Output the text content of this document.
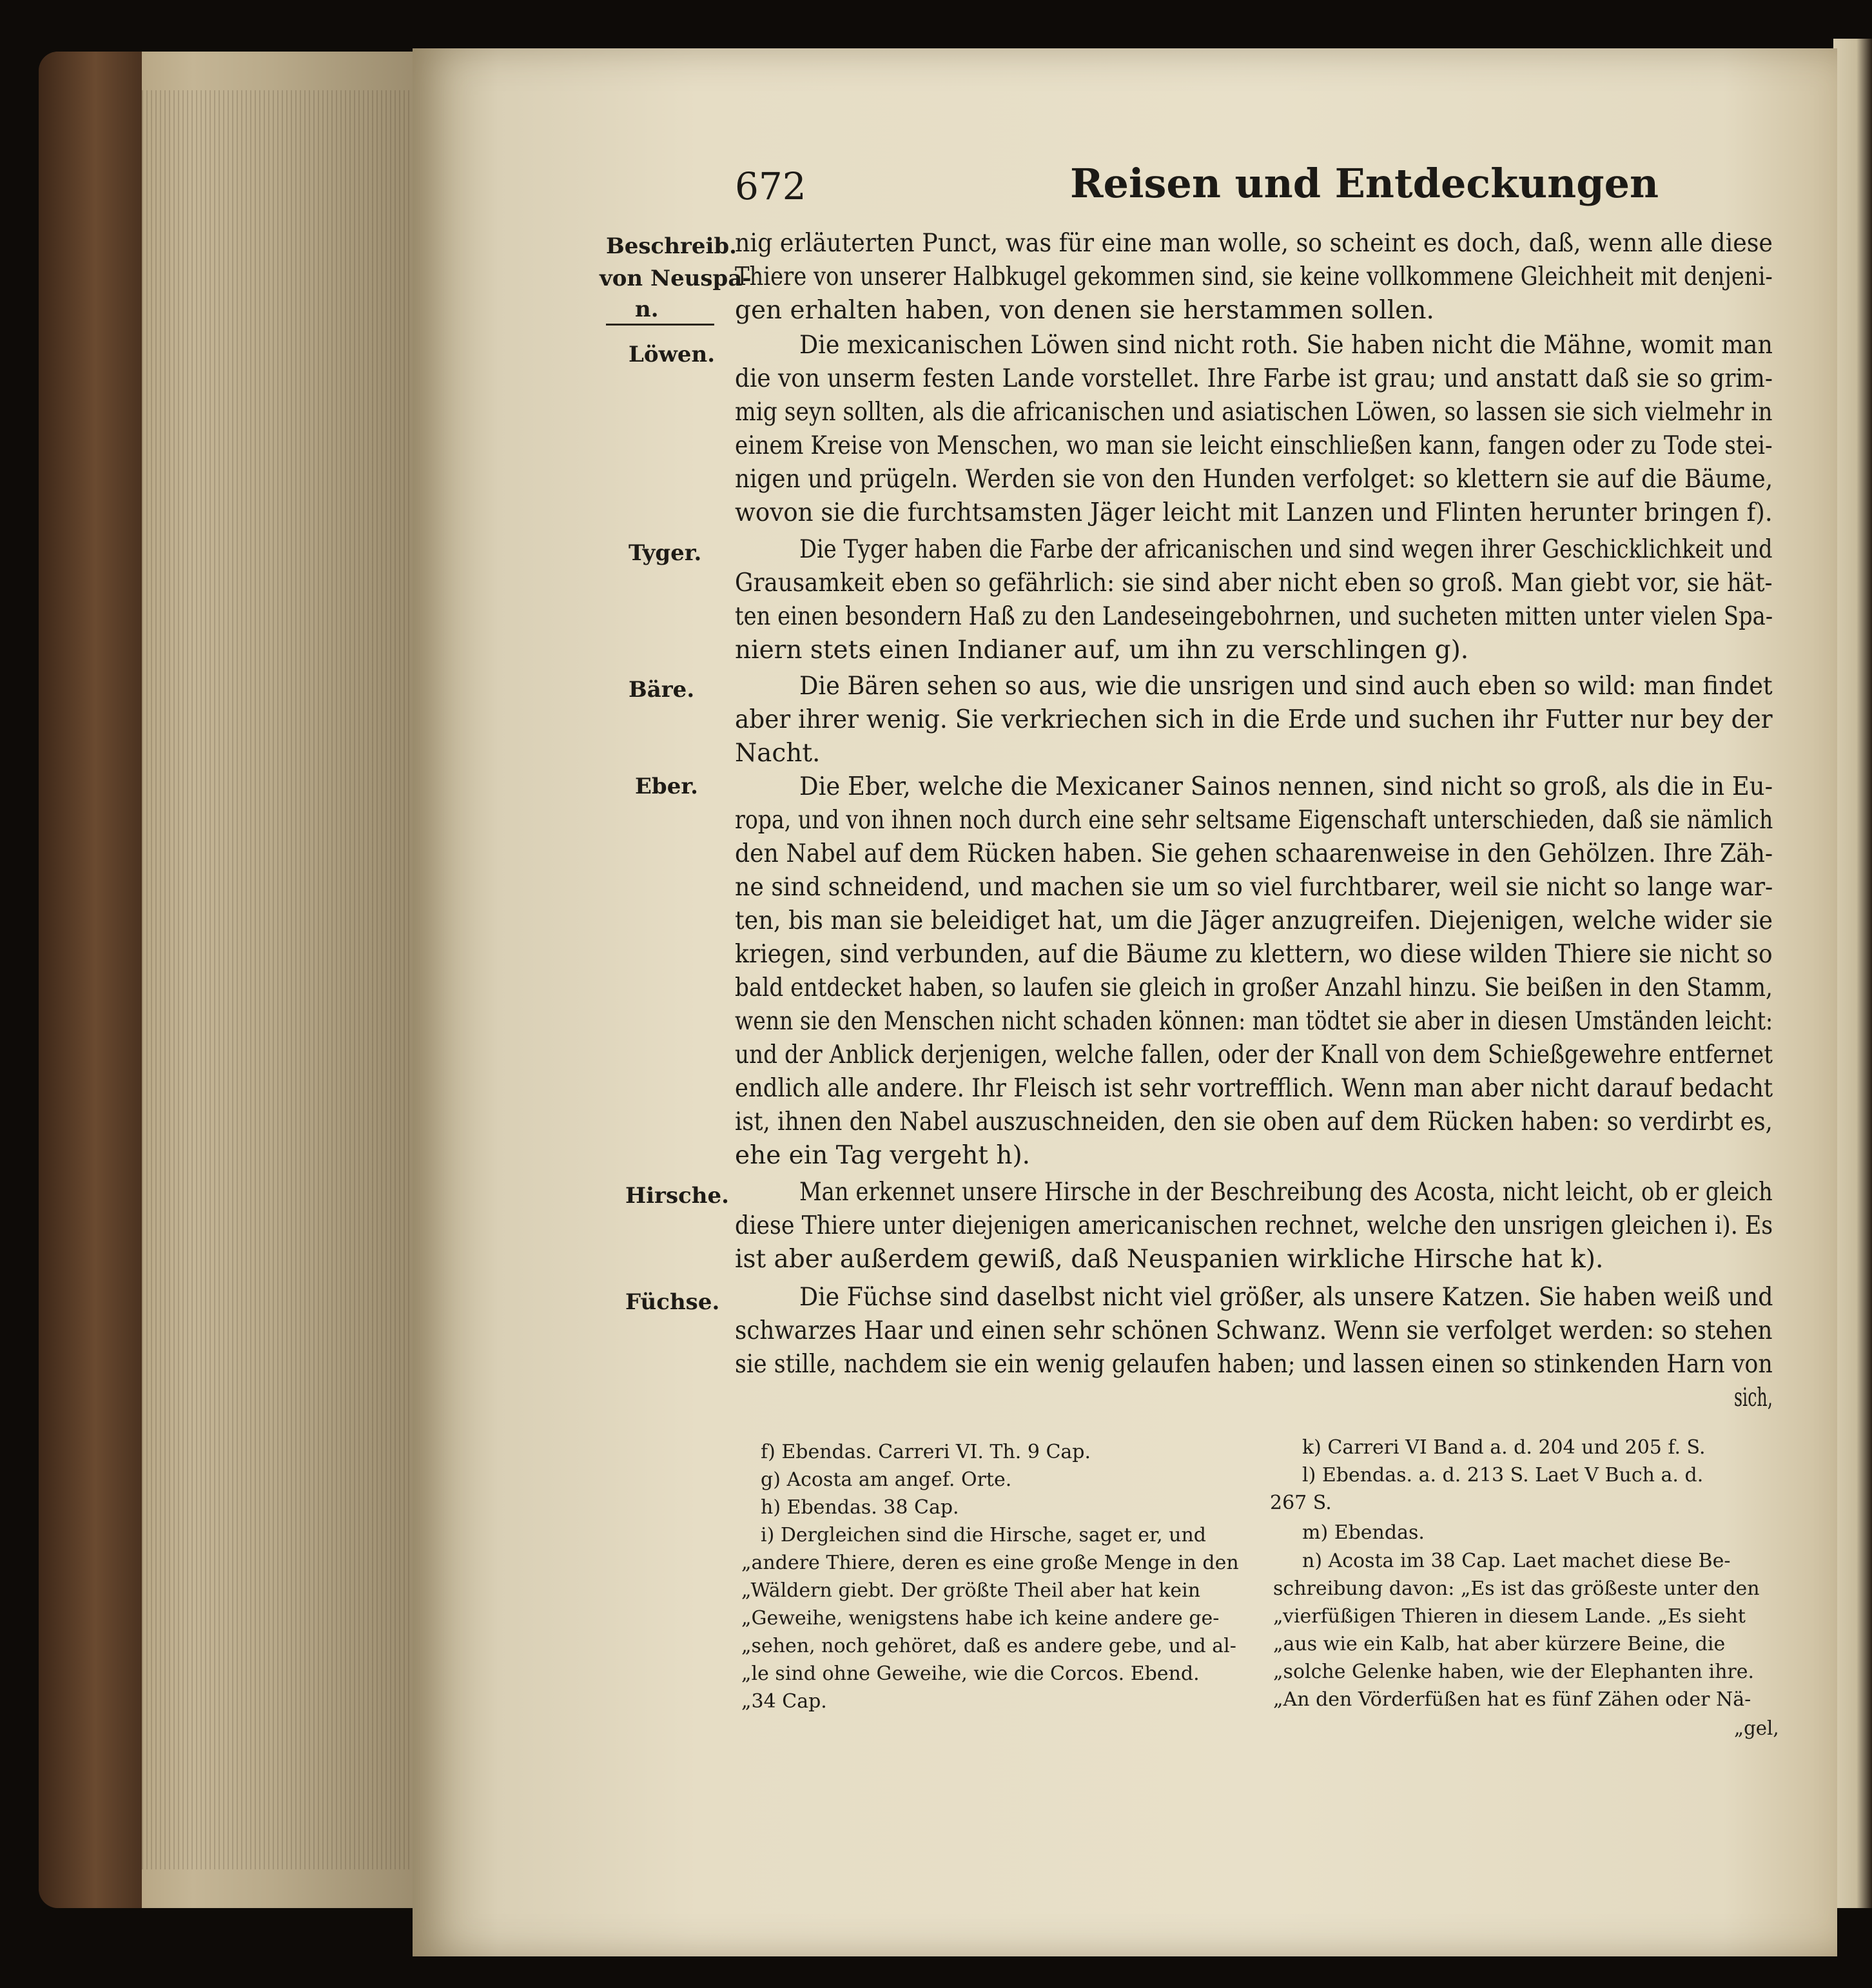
672	Reisen und Entdeckungen
Beschreib.
von Neuspa-
n.
Löwen.
Tyger.
Bäre.
Eber.
Hirsche.
Füchse.
nig erläuterten Punct, was für eine man wolle, so scheint es doch, daß, wenn alle diese
Thiere von unserer Halbkugel gekommen sind, sie keine vollkommene Gleichheit mit denjeni-
gen erhalten haben, von denen sie herstammen sollen.
Die mexicanischen Löwen sind nicht roth. Sie haben nicht die Mähne, womit man
die von unserm festen Lande vorstellet. Ihre Farbe ist grau; und anstatt daß sie so grim-
mig seyn sollten, als die africanischen und asiatischen Löwen, so lassen sie sich vielmehr in
einem Kreise von Menschen, wo man sie leicht einschließen kann, fangen oder zu Tode stei-
nigen und prügeln. Werden sie von den Hunden verfolget: so klettern sie auf die Bäume,
wovon sie die furchtsamsten Jäger leicht mit Lanzen und Flinten herunter bringen f).
Die Tyger haben die Farbe der africanischen und sind wegen ihrer Geschicklichkeit und
Grausamkeit eben so gefährlich: sie sind aber nicht eben so groß. Man giebt vor, sie hät-
ten einen besondern Haß zu den Landeseingebohrnen, und sucheten mitten unter vielen Spa-
niern stets einen Indianer auf, um ihn zu verschlingen g).
Die Bären sehen so aus, wie die unsrigen und sind auch eben so wild: man findet
aber ihrer wenig. Sie verkriechen sich in die Erde und suchen ihr Futter nur bey der
Nacht.
Die Eber, welche die Mexicaner Sainos nennen, sind nicht so groß, als die in Eu-
ropa, und von ihnen noch durch eine sehr seltsame Eigenschaft unterschieden, daß sie nämlich
den Nabel auf dem Rücken haben. Sie gehen schaarenweise in den Gehölzen. Ihre Zäh-
ne sind schneidend, und machen sie um so viel furchtbarer, weil sie nicht so lange war-
ten, bis man sie beleidiget hat, um die Jäger anzugreifen. Diejenigen, welche wider sie
kriegen, sind verbunden, auf die Bäume zu klettern, wo diese wilden Thiere sie nicht so
bald entdecket haben, so laufen sie gleich in großer Anzahl hinzu. Sie beißen in den Stamm,
wenn sie den Menschen nicht schaden können: man tödtet sie aber in diesen Umständen leicht:
und der Anblick derjenigen, welche fallen, oder der Knall von dem Schießgewehre entfernet
endlich alle andere. Ihr Fleisch ist sehr vortrefflich. Wenn man aber nicht darauf bedacht
ist, ihnen den Nabel auszuschneiden, den sie oben auf dem Rücken haben: so verdirbt es,
ehe ein Tag vergeht h).
Man erkennet unsere Hirsche in der Beschreibung des Acosta, nicht leicht, ob er gleich
diese Thiere unter diejenigen americanischen rechnet, welche den unsrigen gleichen i). Es
ist aber außerdem gewiß, daß Neuspanien wirkliche Hirsche hat k).
Die Füchse sind daselbst nicht viel größer, als unsere Katzen. Sie haben weiß und
schwarzes Haar und einen sehr schönen Schwanz. Wenn sie verfolget werden: so stehen
sie stille, nachdem sie ein wenig gelaufen haben; und lassen einen so stinkenden Harn von
sich,
f) Ebendas. Carreri VI. Th. 9 Cap.
g) Acosta am angef. Orte.
h) Ebendas. 38 Cap.
i) Dergleichen sind die Hirsche, saget er, und
„andere Thiere, deren es eine große Menge in den
„Wäldern giebt. Der größte Theil aber hat kein
„Geweihe, wenigstens habe ich keine andere ge-
„sehen, noch gehöret, daß es andere gebe, und al-
„le sind ohne Geweihe, wie die Corcos. Ebend.
„34 Cap.
k) Carreri VI Band a. d. 204 und 205 f. S.
l) Ebendas. a. d. 213 S. Laet V Buch a. d.
267 S.
m) Ebendas.
n) Acosta im 38 Cap. Laet machet diese Be-
schreibung davon: „Es ist das größeste unter den
„vierfüßigen Thieren in diesem Lande. „Es sieht
„aus wie ein Kalb, hat aber kürzere Beine, die
„solche Gelenke haben, wie der Elephanten ihre.
„An den Vörderfüßen hat es fünf Zähen oder Nä-
„gel,
